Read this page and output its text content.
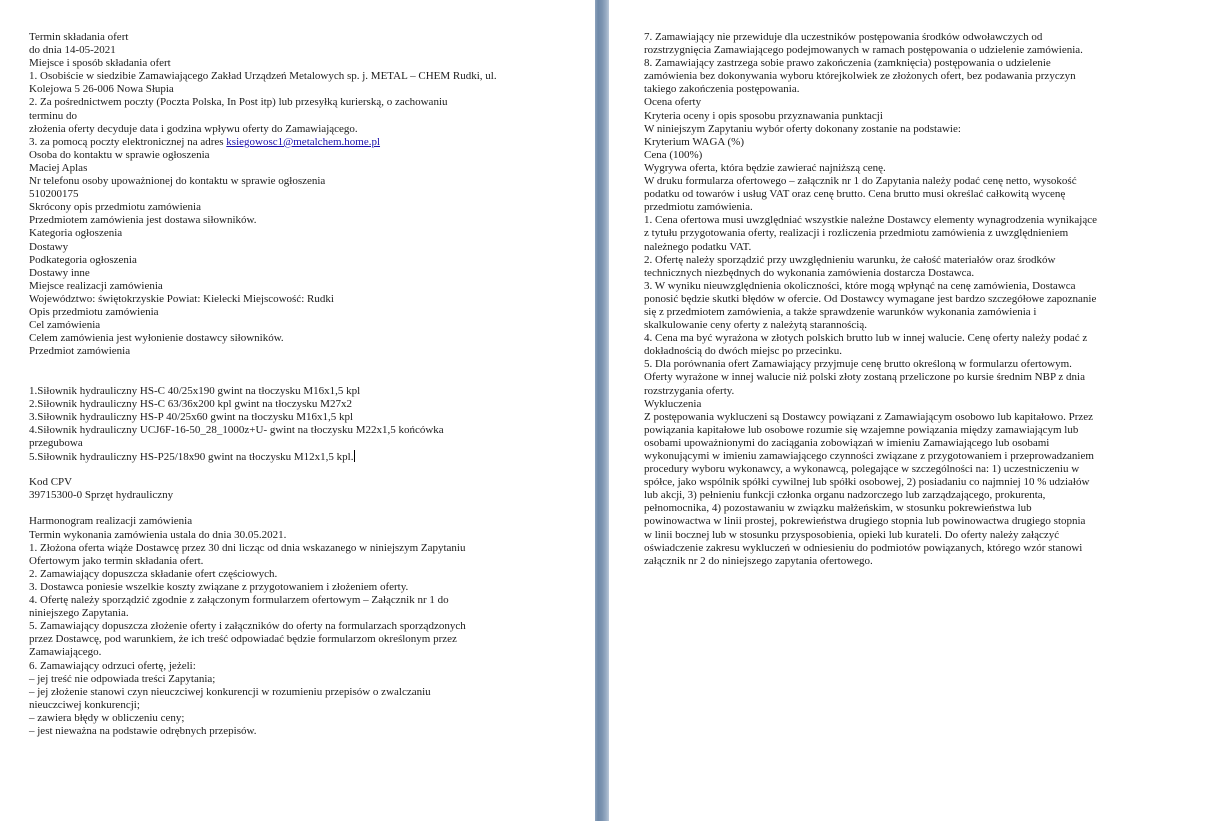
Termin składania ofert
do dnia 14-05-2021
Miejsce i sposób składania ofert
1. Osobiście w siedzibie Zamawiającego Zakład Urządzeń Metalowych sp. j. METAL – CHEM Rudki, ul.
Kolejowa 5 26-006 Nowa Słupia
2. Za pośrednictwem poczty (Poczta Polska, In Post itp) lub przesyłką kurierską, o zachowaniu
terminu do
złożenia oferty decyduje data i godzina wpływu oferty do Zamawiającego.
3. za pomocą poczty elektronicznej na adres ksiegowosc1@metalchem.home.pl
Osoba do kontaktu w sprawie ogłoszenia
Maciej Aplas
Nr telefonu osoby upoważnionej do kontaktu w sprawie ogłoszenia
510200175
Skrócony opis przedmiotu zamówienia
Przedmiotem zamówienia jest dostawa siłowników.
Kategoria ogłoszenia
Dostawy
Podkategoria ogłoszenia
Dostawy inne
Miejsce realizacji zamówienia
Województwo: świętokrzyskie Powiat: Kielecki Miejscowość: Rudki
Opis przedmiotu zamówienia
Cel zamówienia
Celem zamówienia jest wyłonienie dostawcy siłowników.
Przedmiot zamówienia
1.Siłownik hydrauliczny HS-C 40/25x190 gwint na tłoczysku M16x1,5 kpl
2.Siłownik hydrauliczny HS-C 63/36x200 kpl gwint na tłoczysku M27x2
3.Siłownik hydrauliczny HS-P 40/25x60 gwint na tłoczysku M16x1,5 kpl
4.Siłownik hydrauliczny UCJ6F-16-50_28_1000z+U- gwint na tłoczysku M22x1,5 końcówka
przegubowa
5.Siłownik hydrauliczny HS-P25/18x90 gwint na tłoczysku M12x1,5 kpl.
Kod CPV
39715300-0 Sprzęt hydrauliczny
Harmonogram realizacji zamówienia
Termin wykonania zamówienia ustala do dnia 30.05.2021.
1. Złożona oferta wiąże Dostawcę przez 30 dni licząc od dnia wskazanego w niniejszym Zapytaniu
Ofertowym jako termin składania ofert.
2. Zamawiający dopuszcza składanie ofert częściowych.
3. Dostawca poniesie wszelkie koszty związane z przygotowaniem i złożeniem oferty.
4. Ofertę należy sporządzić zgodnie z załączonym formularzem ofertowym – Załącznik nr 1 do
niniejszego Zapytania.
5. Zamawiający dopuszcza złożenie oferty i załączników do oferty na formularzach sporządzonych
przez Dostawcę, pod warunkiem, że ich treść odpowiadać będzie formularzom określonym przez
Zamawiającego.
6. Zamawiający odrzuci ofertę, jeżeli:
– jej treść nie odpowiada treści Zapytania;
– jej złożenie stanowi czyn nieuczciwej konkurencji w rozumieniu przepisów o zwalczaniu
nieuczciwej konkurencji;
– zawiera błędy w obliczeniu ceny;
– jest nieważna na podstawie odrębnych przepisów.
7. Zamawiający nie przewiduje dla uczestników postępowania środków odwoławczych od
rozstrzygnięcia Zamawiającego podejmowanych w ramach postępowania o udzielenie zamówienia.
8. Zamawiający zastrzega sobie prawo zakończenia (zamknięcia) postępowania o udzielenie
zamówienia bez dokonywania wyboru którejkolwiek ze złożonych ofert, bez podawania przyczyn
takiego zakończenia postępowania.
Ocena oferty
Kryteria oceny i opis sposobu przyznawania punktacji
W niniejszym Zapytaniu wybór oferty dokonany zostanie na podstawie:
Kryterium WAGA (%)
Cena (100%)
Wygrywa oferta, która będzie zawierać najniższą cenę.
W druku formularza ofertowego – załącznik nr 1 do Zapytania należy podać cenę netto, wysokość
podatku od towarów i usług VAT oraz cenę brutto. Cena brutto musi określać całkowitą wycenę
przedmiotu zamówienia.
1. Cena ofertowa musi uwzględniać wszystkie należne Dostawcy elementy wynagrodzenia wynikające
z tytułu przygotowania oferty, realizacji i rozliczenia przedmiotu zamówienia z uwzględnieniem
należnego podatku VAT.
2. Ofertę należy sporządzić przy uwzględnieniu warunku, że całość materiałów oraz środków
technicznych niezbędnych do wykonania zamówienia dostarcza Dostawca.
3. W wyniku nieuwzględnienia okoliczności, które mogą wpłynąć na cenę zamówienia, Dostawca
ponosić będzie skutki błędów w ofercie. Od Dostawcy wymagane jest bardzo szczegółowe zapoznanie
się z przedmiotem zamówienia, a także sprawdzenie warunków wykonania zamówienia i
skalkulowanie ceny oferty z należytą starannością.
4. Cena ma być wyrażona w złotych polskich brutto lub w innej walucie. Cenę oferty należy podać z
dokładnością do dwóch miejsc po przecinku.
5. Dla porównania ofert Zamawiający przyjmuje cenę brutto określoną w formularzu ofertowym.
Oferty wyrażone w innej walucie niż polski złoty zostaną przeliczone po kursie średnim NBP z dnia
rozstrzygania oferty.
Wykluczenia
Z postępowania wykluczeni są Dostawcy powiązani z Zamawiającym osobowo lub kapitałowo. Przez
powiązania kapitałowe lub osobowe rozumie się wzajemne powiązania między zamawiającym lub
osobami upoważnionymi do zaciągania zobowiązań w imieniu Zamawiającego lub osobami
wykonującymi w imieniu zamawiającego czynności związane z przygotowaniem i przeprowadzaniem
procedury wyboru wykonawcy, a wykonawcą, polegające w szczególności na: 1) uczestniczeniu w
spółce, jako wspólnik spółki cywilnej lub spółki osobowej, 2) posiadaniu co najmniej 10 % udziałów
lub akcji, 3) pełnieniu funkcji członka organu nadzorczego lub zarządzającego, prokurenta,
pełnomocnika, 4) pozostawaniu w związku małżeńskim, w stosunku pokrewieństwa lub
powinowactwa w linii prostej, pokrewieństwa drugiego stopnia lub powinowactwa drugiego stopnia
w linii bocznej lub w stosunku przysposobienia, opieki lub kurateli. Do oferty należy załączyć
oświadczenie zakresu wykluczeń w odniesieniu do podmiotów powiązanych, którego wzór stanowi
załącznik nr 2 do niniejszego zapytania ofertowego.
